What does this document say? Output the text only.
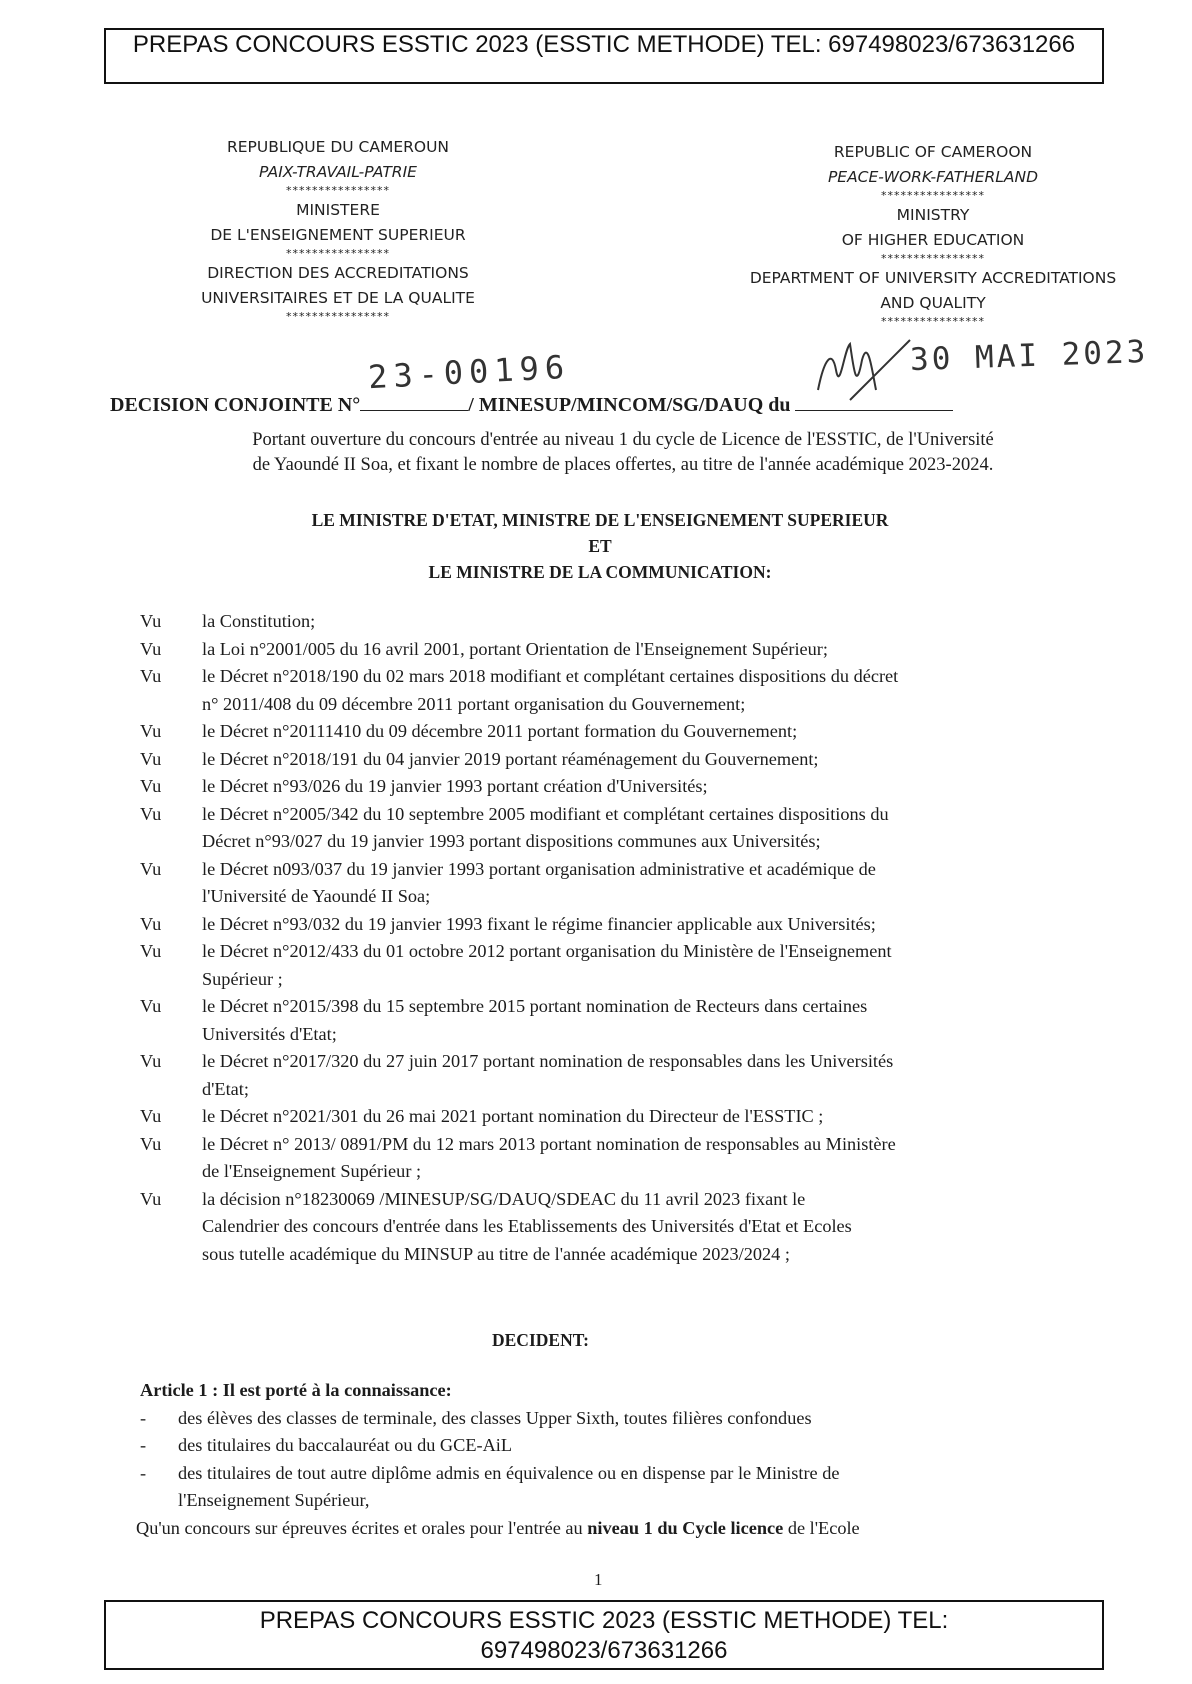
PREPAS CONCOURS ESSTIC 2023 (ESSTIC METHODE) TEL: 697498023/673631266
REPUBLIQUE DU CAMEROUN
PAIX-TRAVAIL-PATRIE
****************
MINISTERE
DE L'ENSEIGNEMENT SUPERIEUR
****************
DIRECTION DES ACCREDITATIONS
UNIVERSITAIRES ET DE LA QUALITE
****************
REPUBLIC OF CAMEROON
PEACE-WORK-FATHERLAND
****************
MINISTRY
OF HIGHER EDUCATION
****************
DEPARTMENT OF UNIVERSITY ACCREDITATIONS
AND QUALITY
****************
23-00196	30 MAI 2023
DECISION CONJOINTE N°	/ MINESUP/MINCOM/SG/DAUQ du
Portant ouverture du concours d'entrée au niveau 1 du cycle de Licence de l'ESSTIC, de l'Université
de Yaoundé II Soa, et fixant le nombre de places offertes, au titre de l'année académique 2023-2024.
LE MINISTRE D'ETAT, MINISTRE DE L'ENSEIGNEMENT SUPERIEUR
ET
LE MINISTRE DE LA COMMUNICATION:
Vu	la Constitution;
Vu	la Loi n°2001/005 du 16 avril 2001, portant Orientation de l'Enseignement Supérieur;
Vu	le Décret n°2018/190 du 02 mars 2018 modifiant et complétant certaines dispositions du décret
n° 2011/408 du 09 décembre 2011 portant organisation du Gouvernement;
Vu	le Décret n°20111410 du 09 décembre 2011 portant formation du Gouvernement;
Vu	le Décret n°2018/191 du 04 janvier 2019 portant réaménagement du Gouvernement;
Vu	le Décret n°93/026 du 19 janvier 1993 portant création d'Universités;
Vu	le Décret n°2005/342 du 10 septembre 2005 modifiant et complétant certaines dispositions du
Décret n°93/027 du 19 janvier 1993 portant dispositions communes aux Universités;
Vu	le Décret n093/037 du 19 janvier 1993 portant organisation administrative et académique de
l'Université de Yaoundé II Soa;
Vu	le Décret n°93/032 du 19 janvier 1993 fixant le régime financier applicable aux Universités;
Vu	le Décret n°2012/433 du 01 octobre 2012 portant organisation du Ministère de l'Enseignement
Supérieur ;
Vu	le Décret n°2015/398 du 15 septembre 2015 portant nomination de Recteurs dans certaines
Universités d'Etat;
Vu	le Décret n°2017/320 du 27 juin 2017 portant nomination de responsables dans les Universités
d'Etat;
Vu	le Décret n°2021/301 du 26 mai 2021 portant nomination du Directeur de l'ESSTIC ;
Vu	le Décret n° 2013/ 0891/PM du 12 mars 2013 portant nomination de responsables au Ministère
de l'Enseignement Supérieur ;
Vu	la décision n°18230069 /MINESUP/SG/DAUQ/SDEAC du 11 avril 2023 fixant le
Calendrier des concours d'entrée dans les Etablissements des Universités d'Etat et Ecoles
sous tutelle académique du MINSUP au titre de l'année académique 2023/2024 ;
DECIDENT:
Article 1 : Il est porté à la connaissance:
-	des élèves des classes de terminale, des classes Upper Sixth, toutes filières confondues
-	des titulaires du baccalauréat ou du GCE-AiL
-	des titulaires de tout autre diplôme admis en équivalence ou en dispense par le Ministre de
l'Enseignement Supérieur,
Qu'un concours sur épreuves écrites et orales pour l'entrée au niveau 1 du Cycle licence de l'Ecole
1
PREPAS CONCOURS ESSTIC 2023 (ESSTIC METHODE) TEL:
697498023/673631266
